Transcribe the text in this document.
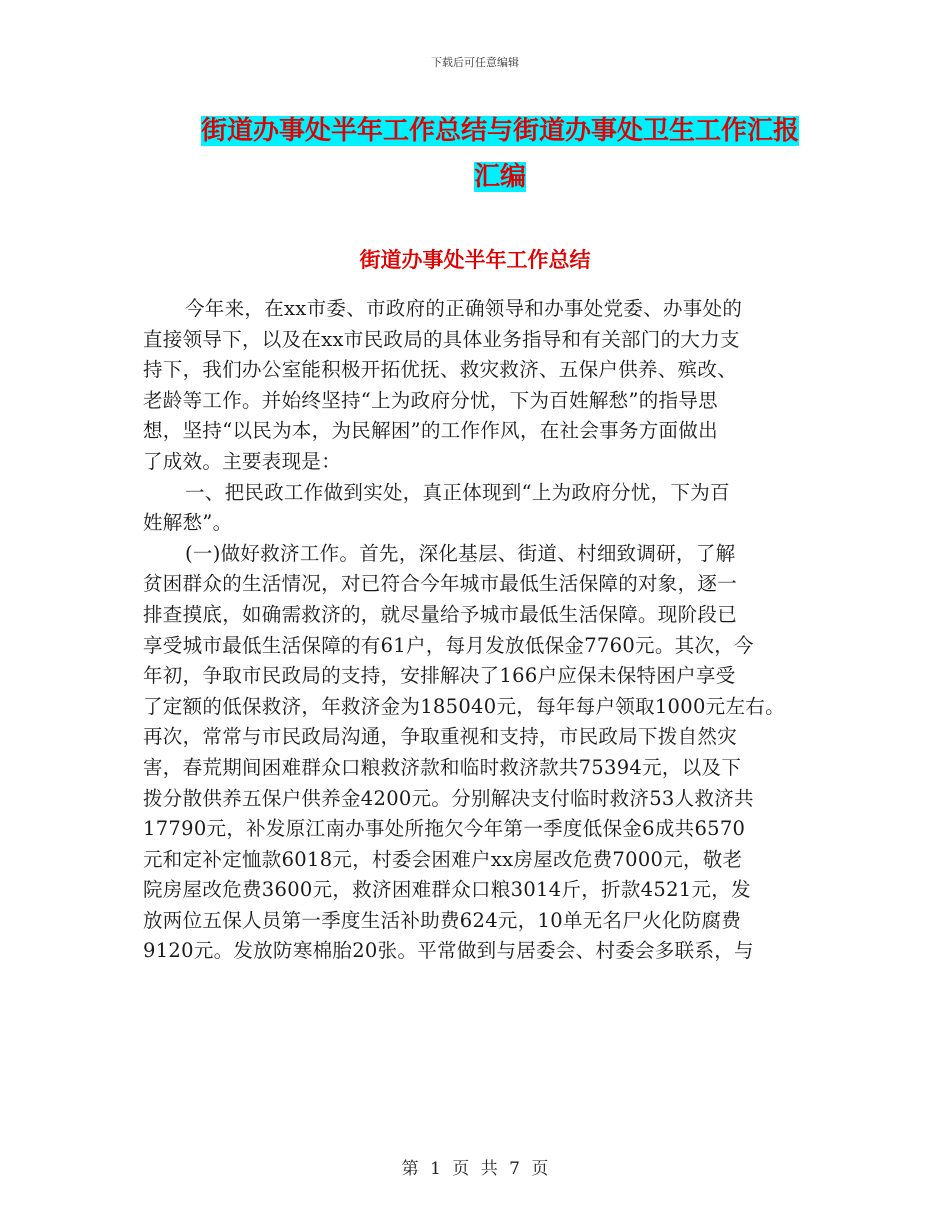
下载后可任意编辑
街道办事处半年工作总结与街道办事处卫生工作汇报
汇编
街道办事处半年工作总结
今年来，在xx市委、市政府的正确领导和办事处党委、办事处的
直接领导下，以及在xx市民政局的具体业务指导和有关部门的大力支
持下，我们办公室能积极开拓优抚、救灾救济、五保户供养、殡改、
老龄等工作。并始终坚持“上为政府分忧，下为百姓解愁”的指导思
想，坚持“以民为本，为民解困”的工作作风，在社会事务方面做出
了成效。主要表现是：
一、把民政工作做到实处，真正体现到“上为政府分忧，下为百
姓解愁”。
(一)做好救济工作。首先，深化基层、街道、村细致调研，了解
贫困群众的生活情况，对已符合今年城市最低生活保障的对象，逐一
排查摸底，如确需救济的，就尽量给予城市最低生活保障。现阶段已
享受城市最低生活保障的有61户，每月发放低保金7760元。其次，今
年初，争取市民政局的支持，安排解决了166户应保未保特困户享受
了定额的低保救济，年救济金为185040元，每年每户领取1000元左右。
再次，常常与市民政局沟通，争取重视和支持，市民政局下拨自然灾
害，春荒期间困难群众口粮救济款和临时救济款共75394元，以及下
拨分散供养五保户供养金4200元。分别解决支付临时救济53人救济共
17790元，补发原江南办事处所拖欠今年第一季度低保金6成共6570
元和定补定恤款6018元，村委会困难户xx房屋改危费7000元，敬老
院房屋改危费3600元，救济困难群众口粮3014斤，折款4521元，发
放两位五保人员第一季度生活补助费624元，10单无名尸火化防腐费
9120元。发放防寒棉胎20张。平常做到与居委会、村委会多联系，与
第 1 页 共 7 页
